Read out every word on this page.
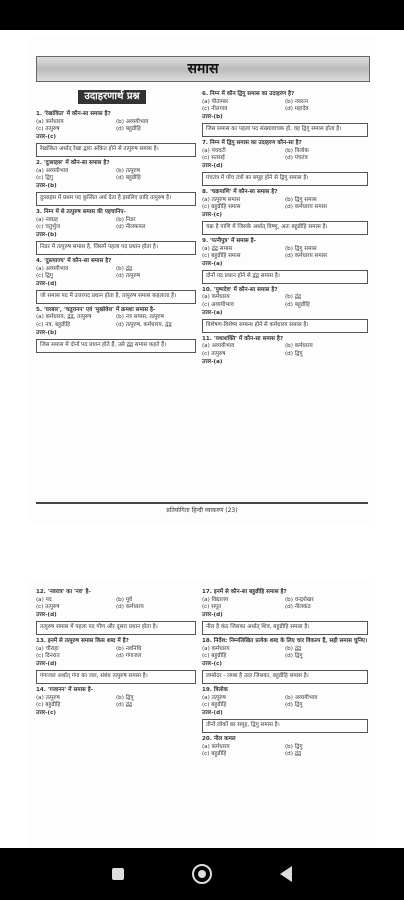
समास
उदाहरणार्थ प्रश्न
1. 'रेखांकित' में कौन-सा समास है?
(a) कर्मधारय	(b) अव्ययीभाव
(c) तत्पुरुष	(d) बहुव्रीहि
उत्तर-(c)
रेखांकित अर्थात् रेखा द्वारा अंकित होने से तत्पुरुष समास है।
2. 'दुःसाहस' में कौन-सा समास है?
(a) अव्ययीभाव	(b) तत्पुरुष
(c) द्विगु	(d) बहुव्रीहि
उत्तर-(b)
दुःसाहस में प्रथम पद कुत्सित अर्थ देता है इसलिए प्रादि तत्पुरुष है।
3. निम्न में से तत्पुरुष समास की पहचानिए-
(a) नवग्रह	(b) निडर
(c) चतुर्भुज	(d) नीलकमल
उत्तर-(b)
निडर में तत्पुरुष समास है, जिसमें पहला पद प्रधान होता है।
4. 'दुस्त्याज्य' में कौन-सा समास है?
(a) अव्ययीभाव	(b) द्वंद्व
(c) द्विगु	(d) तत्पुरुष
उत्तर-(d)
जो समास पद में उत्तरपद प्रधान होता है, तत्पुरुष समास कहलाता है।
5. 'घरबार', 'चतुरानन' एवं 'मुखोवेश' में क्रमशः समास है-
(a) कर्मधारय, द्वंद्व, तत्पुरुष	(b) नत्र समास, तत्पुरुष
(c) नत्र, बहुव्रीहि	(d) तत्पुरुष, कर्मधारय, द्वंद्व
उत्तर-(b)
जिस समास में दोनों पद प्रधान होते हैं, उसे द्वंद्व समास कहते हैं।
6. निम्न में कौन द्विगु समास का उदाहरण है?
(a) पीताम्बर	(b) नवरत्न
(c) नीलगाय	(d) महादेव
उत्तर-(b)
जिस समास का पहला पद संख्यावाचक हो, वह द्विगु समास होता है।
7. निम्न में द्विगु समास का उदाहरण कौन-सा है?
(a) पंचवटी	(b) त्रिलोक
(c) सतसई	(d) पंचतंत्र
उत्तर-(d)
पंचतंत्र में पाँच तंत्रों का समूह होने से द्विगु समास है।
8. 'चक्रपाणि' में कौन-सा समास है?
(a) तत्पुरुष समास	(b) द्विगु समास
(c) बहुव्रीहि समास	(d) कर्मधारय समास
उत्तर-(c)
चक्र है पाणि में जिसके अर्थात् विष्णु, अतः बहुव्रीहि समास है।
9. 'पत्नीपुत्र' में समास है-
(a) द्वंद्व समास	(b) द्विगु समास
(c) बहुव्रीहि समास	(d) कर्मधारय समास
उत्तर-(a)
दोनों पद प्रधान होने से द्वंद्व समास है।
10. 'पुष्पदेव' में कौन-सा समास है?
(a) कर्मधारय	(b) द्वंद्व
(c) अव्ययीभाव	(d) बहुव्रीहि
उत्तर-(a)
विशेषण-विशेष्य सम्बन्ध होने से कर्मधारय समास है।
11. 'यथाशक्ति' में कौन-सा समास है?
(a) अव्ययीभाव	(b) कर्मधारय
(c) तत्पुरुष	(d) द्विगु
उत्तर-(a)
प्रतियोगिता हिन्दी व्याकरण (23)
12. 'नवरात्र' का 'नव' है-
(a) पद	(b) पूर्व
(c) तत्पुरुष	(d) कर्मधारय
उत्तर-(d)
तत्पुरुष समास में पहला पद गौण और दूसरा प्रधान होता है।
13. इनमें से तत्पुरुष समास किस शब्द में है?
(a) चौराहा	(b) नवनिधि
(c) दिनरात	(d) गंगाजल
उत्तर-(d)
गंगाजल अर्थात् गंगा का जल, संबंध तत्पुरुष समास है।
14. 'गजानन' में समास है-
(a) तत्पुरुष	(b) द्विगु
(c) बहुव्रीहि	(d) द्वंद्व
उत्तर-(c)
17. इनमें से कौन-सा बहुव्रीहि समास है?
(a) विद्यालय	(b) चन्द्रशेखर
(c) सपूत	(d) नीलकंठ
उत्तर-(d)
नील है कंठ जिसका अर्थात् शिव, बहुव्रीहि समास है।
18. निर्देश: निम्नलिखित प्रत्येक शब्द के लिए चार विकल्प हैं, सही समास चुनिए।
(a) कर्मधारय	(b) द्वंद्व
(c) बहुव्रीहि	(d) द्विगु
उत्तर-(c)
लम्बोदर - लम्बा है उदर जिसका, बहुव्रीहि समास है।
19. त्रिलोक
(a) तत्पुरुष	(b) अव्ययीभाव
(c) बहुव्रीहि	(d) द्विगु
उत्तर-(d)
तीनों लोकों का समूह, द्विगु समास है।
20. नील कमल
(a) कर्मधारय	(b) द्विगु
(c) बहुव्रीहि	(d) द्वंद्व
